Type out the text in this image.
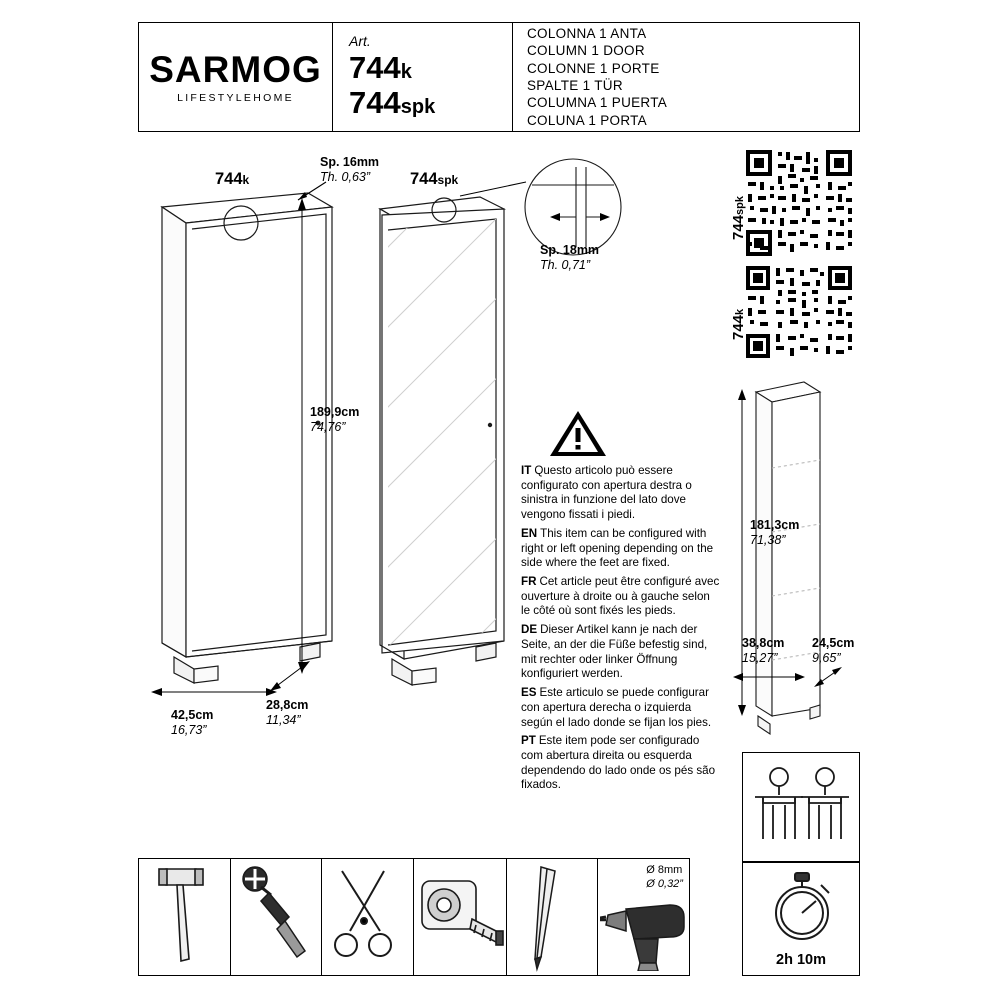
SARMOG
LIFESTYLEHOME
Art.
744k
744spk
COLONNA 1 ANTA
COLUMN 1 DOOR
COLONNE 1 PORTE
SPALTE 1 TÜR
COLUMNA 1 PUERTA
COLUNA 1 PORTA
744k
Sp. 16mm
Th. 0,63”
189,9cm
74,76”
42,5cm
16,73”
28,8cm
11,34”
744spk
Sp. 18mm
Th. 0,71”
744spk
744k
181,3cm
71,38”
38,8cm
15,27”
24,5cm
9,65”
IT Questo articolo può essere configurato con apertura destra o sinistra in funzione del lato dove vengono fissati i piedi.
EN This item can be configured with right or left opening depending on the side where the feet are fixed.
FR Cet article peut être configuré avec ouverture à droite ou à gauche selon le côté où sont fixés les pieds.
DE Dieser Artikel kann je nach der Seite, an der die Füße befestig sind, mit rechter oder linker Öffnung konfiguriert werden.
ES Este articulo se puede configurar con apertura derecha o izquierda según el lado donde se fijan los pies.
PT Este item pode ser configurado com abertura direita ou esquerda dependendo do lado onde os pés são fixados.
2h 10m
Ø 8mm
Ø 0,32”
